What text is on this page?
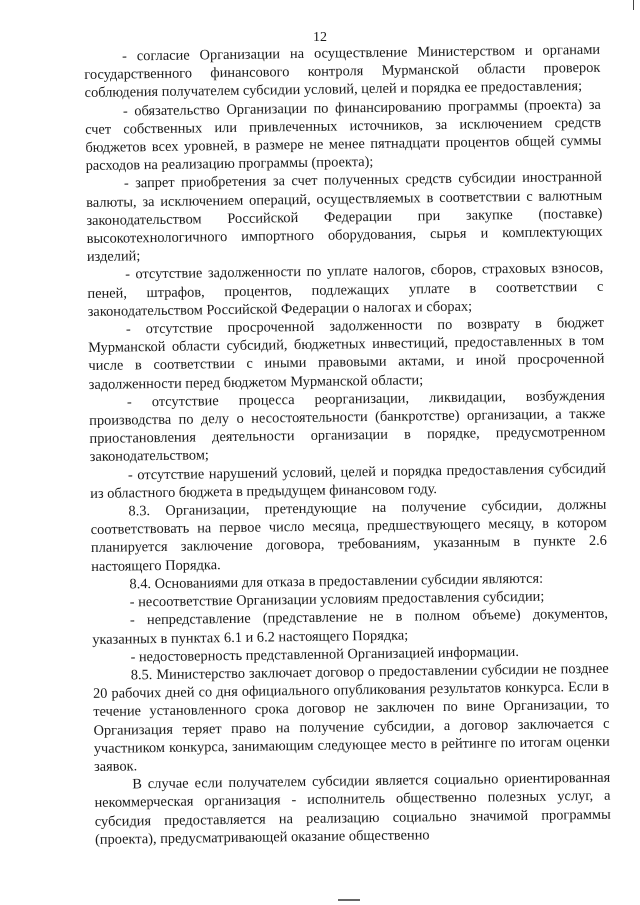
12

- согласие Организации на осуществление Министерством и органами государственного финансового контроля Мурманской области проверок соблюдения получателем субсидии условий, целей и порядка ее предоставления;

- обязательство Организации по финансированию программы (проекта) за счет собственных или привлеченных источников, за исключением средств бюджетов всех уровней, в размере не менее пятнадцати процентов общей суммы расходов на реализацию программы (проекта);

- запрет приобретения за счет полученных средств субсидии иностранной валюты, за исключением операций, осуществляемых в соответствии с валютным законодательством Российской Федерации при закупке (поставке) высокотехнологичного импортного оборудования, сырья и комплектующих изделий;

- отсутствие задолженности по уплате налогов, сборов, страховых взносов, пеней, штрафов, процентов, подлежащих уплате в соответствии с законодательством Российской Федерации о налогах и сборах;

- отсутствие просроченной задолженности по возврату в бюджет Мурманской области субсидий, бюджетных инвестиций, предоставленных в том числе в соответствии с иными правовыми актами, и иной просроченной задолженности перед бюджетом Мурманской области;

- отсутствие процесса реорганизации, ликвидации, возбуждения производства по делу о несостоятельности (банкротстве) организации, а также приостановления деятельности организации в порядке, предусмотренном законодательством;

- отсутствие нарушений условий, целей и порядка предоставления субсидий из областного бюджета в предыдущем финансовом году.

8.3. Организации, претендующие на получение субсидии, должны соответствовать на первое число месяца, предшествующего месяцу, в котором планируется заключение договора, требованиям, указанным в пункте 2.6 настоящего Порядка.

8.4. Основаниями для отказа в предоставлении субсидии являются:

- несоответствие Организации условиям предоставления субсидии;

- непредставление (представление не в полном объеме) документов, указанных в пунктах 6.1 и 6.2 настоящего Порядка;

- недостоверность представленной Организацией информации.

8.5. Министерство заключает договор о предоставлении субсидии не позднее 20 рабочих дней со дня официального опубликования результатов конкурса. Если в течение установленного срока договор не заключен по вине Организации, то Организация теряет право на получение субсидии, а договор заключается с участником конкурса, занимающим следующее место в рейтинге по итогам оценки заявок.

В случае если получателем субсидии является социально ориентированная некоммерческая организация - исполнитель общественно полезных услуг, а субсидия предоставляется на реализацию социально значимой программы (проекта), предусматривающей оказание общественно
